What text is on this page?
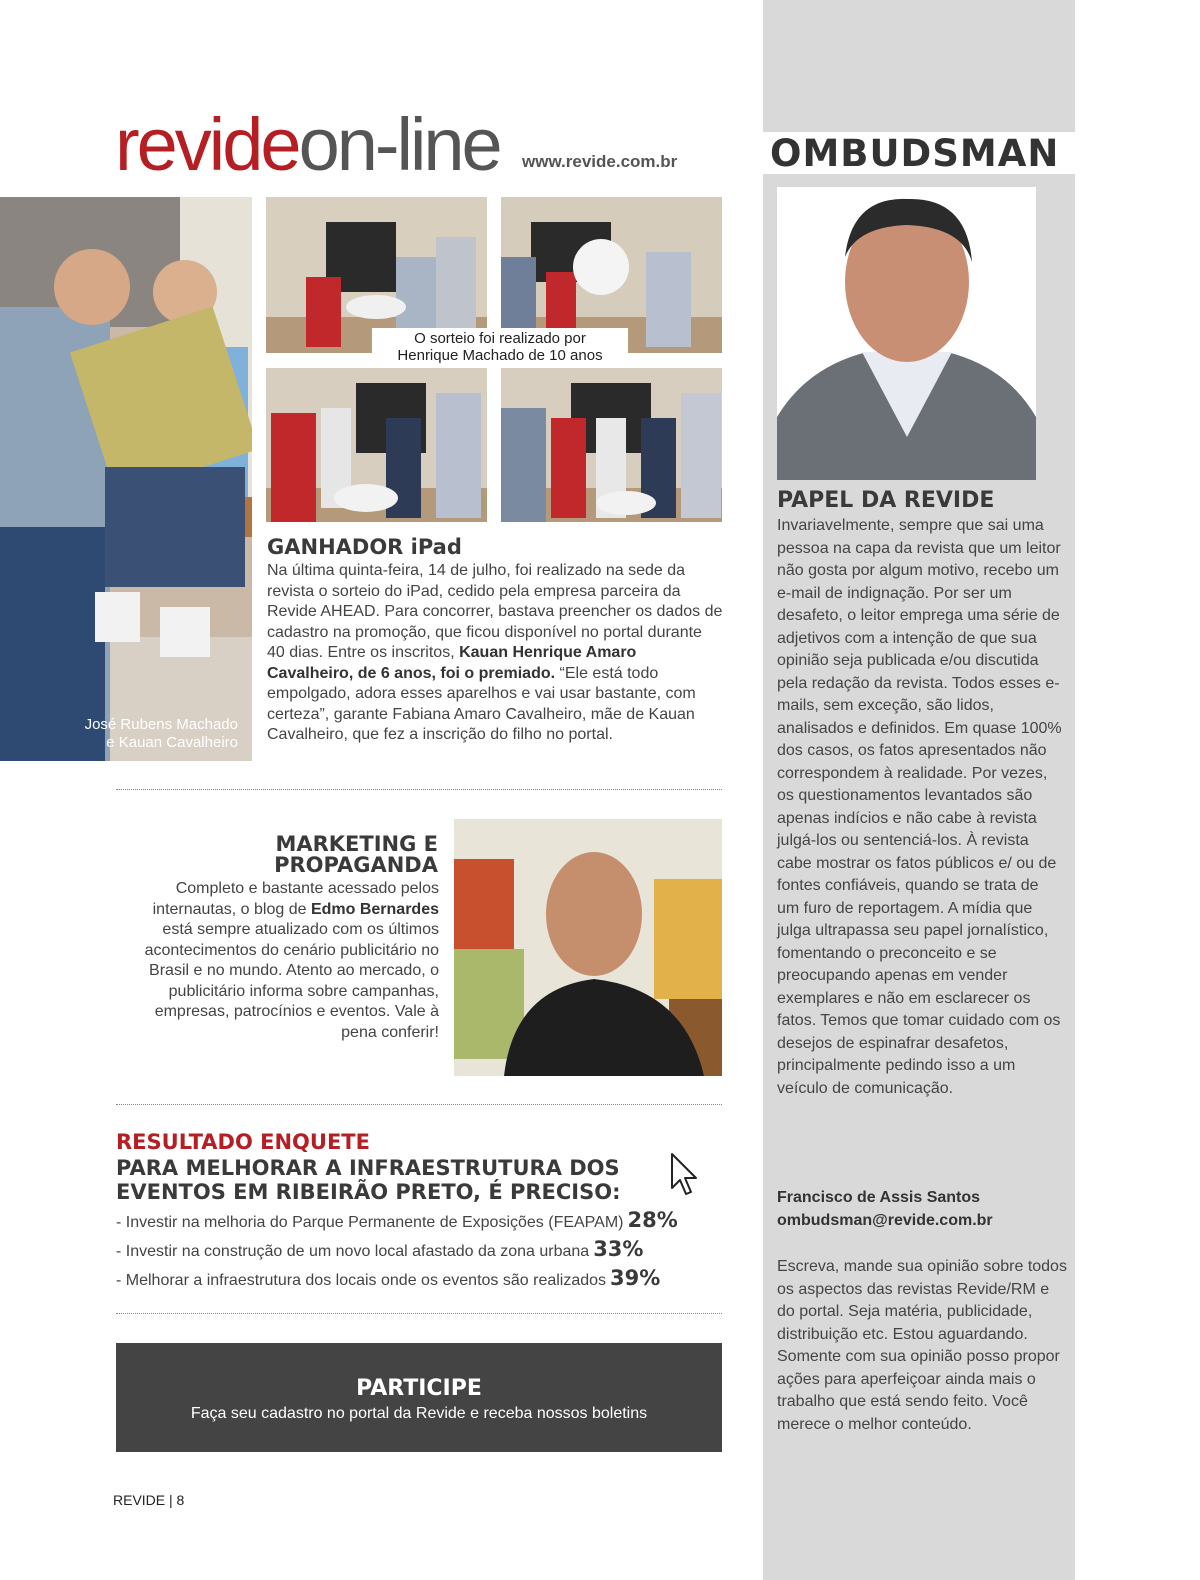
OMBUDSMAN
revideon-line www.revide.com.br
José Rubens Machado
e Kauan Cavalheiro
O sorteio foi realizado por
Henrique Machado de 10 anos
GANHADOR iPad
Na última quinta-feira, 14 de julho, foi realizado na sede da revista o sorteio do iPad, cedido pela empresa parceira da Revide AHEAD. Para concorrer, bastava preencher os dados de cadastro na promoção, que ficou disponível no portal durante 40 dias. Entre os inscritos, Kauan Henrique Amaro Cavalheiro, de 6 anos, foi o premiado. “Ele está todo empolgado, adora esses aparelhos e vai usar bastante, com certeza”, garante Fabiana Amaro Cavalheiro, mãe de Kauan Cavalheiro, que fez a inscrição do filho no portal.
MARKETING E
PROPAGANDA
Completo e bastante acessado pelos internautas, o blog de Edmo Bernardes está sempre atualizado com os últimos acontecimentos do cenário publicitário no Brasil e no mundo. Atento ao mercado, o publicitário informa sobre campanhas, empresas, patrocínios e eventos. Vale à pena conferir!
RESULTADO ENQUETE
PARA MELHORAR A INFRAESTRUTURA DOS
EVENTOS EM RIBEIRÃO PRETO, É PRECISO:
- Investir na melhoria do Parque Permanente de Exposições (FEAPAM) 28%
- Investir na construção de um novo local afastado da zona urbana 33%
- Melhorar a infraestrutura dos locais onde os eventos são realizados 39%
PARTICIPE
Faça seu cadastro no portal da Revide e receba nossos boletins
REVIDE | 8
PAPEL DA REVIDE
Invariavelmente, sempre que sai uma pessoa na capa da revista que um leitor não gosta por algum motivo, recebo um e-mail de indignação. Por ser um desafeto, o leitor emprega uma série de adjetivos com a intenção de que sua opinião seja publicada e/ou discutida pela redação da revista. Todos esses e-mails, sem exceção, são lidos, analisados e definidos. Em quase 100% dos casos, os fatos apresentados não correspondem à realidade. Por vezes, os questionamentos levantados são apenas indícios e não cabe à revista julgá-los ou sentenciá-los. À revista cabe mostrar os fatos públicos e/ ou de fontes confiáveis, quando se trata de um furo de reportagem. A mídia que julga ultrapassa seu papel jornalístico, fomentando o preconceito e se preocupando apenas em vender exemplares e não em esclarecer os fatos. Temos que tomar cuidado com os desejos de espinafrar desafetos, principalmente pedindo isso a um veículo de comunicação.
Francisco de Assis Santos
ombudsman@revide.com.br
Escreva, mande sua opinião sobre todos os aspectos das revistas Revide/RM e do portal. Seja matéria, publicidade, distribuição etc. Estou aguardando. Somente com sua opinião posso propor ações para aperfeiçoar ainda mais o trabalho que está sendo feito. Você merece o melhor conteúdo.
